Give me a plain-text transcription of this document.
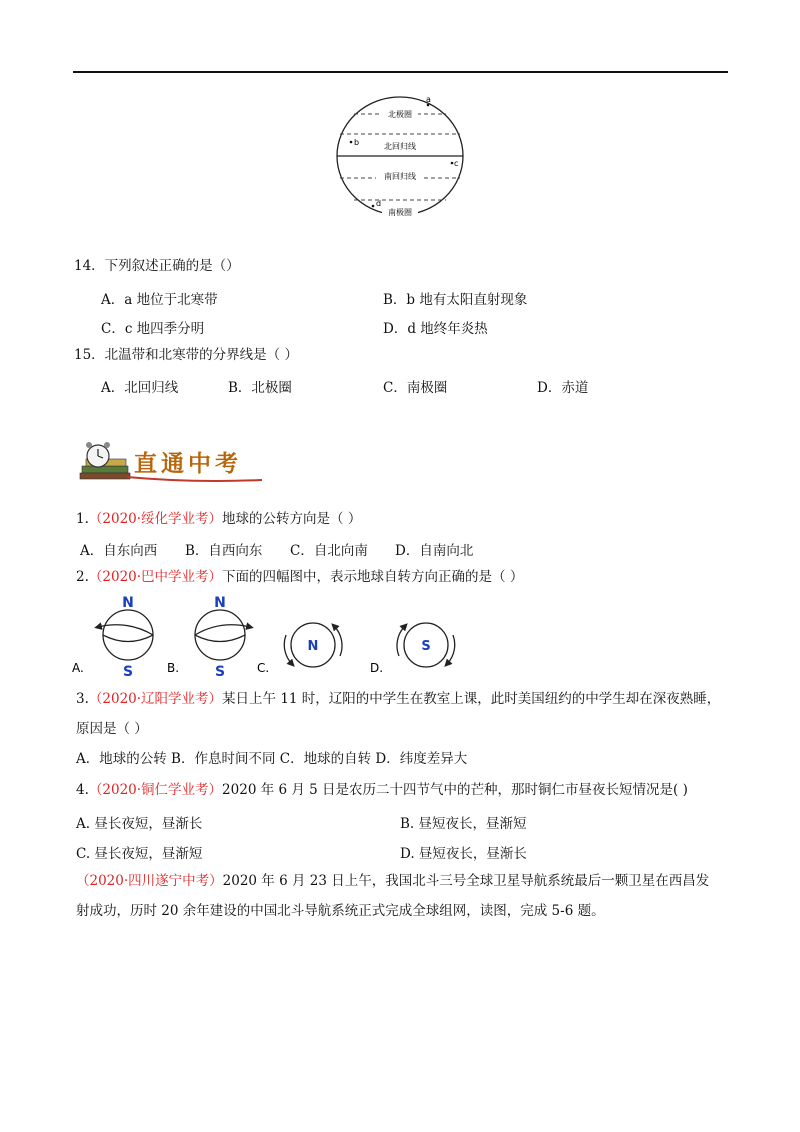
北极圈
北回归线
南回归线
南极圈
a
b
c
d
14．下列叙述正确的是（）
A．a 地位于北寒带	B．b 地有太阳直射现象
C．c 地四季分明	D．d 地终年炎热
15．北温带和北寒带的分界线是（ ）
A．北回归线	B．北极圈	C．南极圈	D．赤道
直通中考
1.（2020·绥化学业考）地球的公转方向是（ ）
A．自东向西 B．自西向东 C．自北向南 D．自南向北
2.（2020·巴中学业考）下面的四幅图中，表示地球自转方向正确的是（ ）
N
S
A.
N
S
B.
N
C.
S
D.
3.（2020·辽阳学业考）某日上午 11 时，辽阳的中学生在教室上课，此时美国纽约的中学生却在深夜熟睡，
原因是（ ）
A．地球的公转 B．作息时间不同 C．地球的自转 D．纬度差异大
4.（2020·铜仁学业考）2020 年 6 月 5 日是农历二十四节气中的芒种，那时铜仁市昼夜长短情况是( )
A. 昼长夜短，昼渐长	B. 昼短夜长，昼渐短
C. 昼长夜短，昼渐短	D. 昼短夜长，昼渐长
（2020·四川遂宁中考）2020 年 6 月 23 日上午，我国北斗三号全球卫星导航系统最后一颗卫星在西昌发
射成功，历时 20 余年建设的中国北斗导航系统正式完成全球组网，读图，完成 5-6 题。
